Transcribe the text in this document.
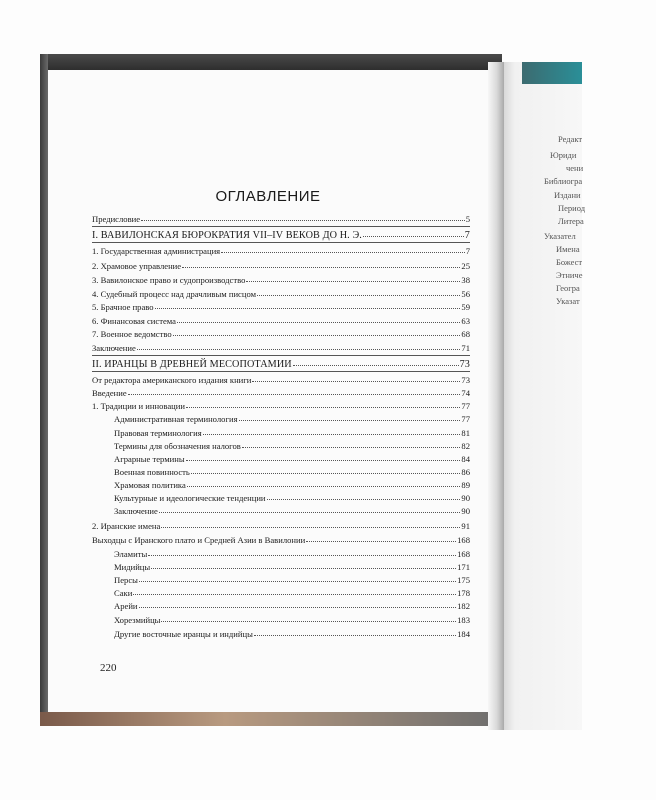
Редакт
Юриди
чени
Библиогра
Издани
Период
Литера
Указател
Имена
Божест
Этниче
Геогра
Указат
ОГЛАВЛЕНИЕ
Предисловие	5
I. ВАВИЛОНСКАЯ БЮРОКРАТИЯ VII–IV ВЕКОВ ДО Н. Э.	7
1. Государственная администрация	7
2. Храмовое управление	25
3. Вавилонское право и судопроизводство	38
4. Судебный процесс над драчливым писцом	56
5. Брачное право	59
6. Финансовая система	63
7. Военное ведомство	68
Заключение	71
II. ИРАНЦЫ В ДРЕВНЕЙ МЕСОПОТАМИИ	73
От редактора американского издания книги	73
Введение	74
1. Традиции и инновации	77
Административная терминология	77
Правовая терминология	81
Термины для обозначения налогов	82
Аграрные термины	84
Военная повинность	86
Храмовая политика	89
Культурные и идеологические тенденции	90
Заключение	90
2. Иранские имена	91
Выходцы с Иранского плато и Средней Азии в Вавилонии	168
Эламиты	168
Мидийцы	171
Персы	175
Саки	178
Арейи	182
Хорезмийцы	183
Другие восточные иранцы и индийцы	184
220
